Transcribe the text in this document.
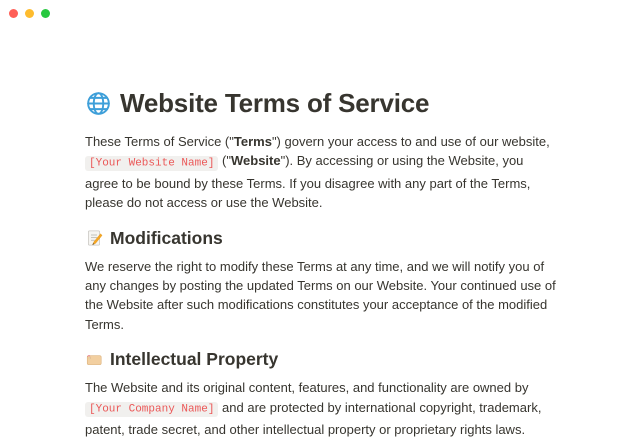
Website Terms of Service

These Terms of Service ("Terms") govern your access to and use of our website, [Your Website Name] ("Website"). By accessing or using the Website, you agree to be bound by these Terms. If you disagree with any part of the Terms, please do not access or use the Website.

Modifications

We reserve the right to modify these Terms at any time, and we will notify you of any changes by posting the updated Terms on our Website. Your continued use of the Website after such modifications constitutes your acceptance of the modified Terms.

Intellectual Property

The Website and its original content, features, and functionality are owned by [Your Company Name] and are protected by international copyright, trademark, patent, trade secret, and other intellectual property or proprietary rights laws.
